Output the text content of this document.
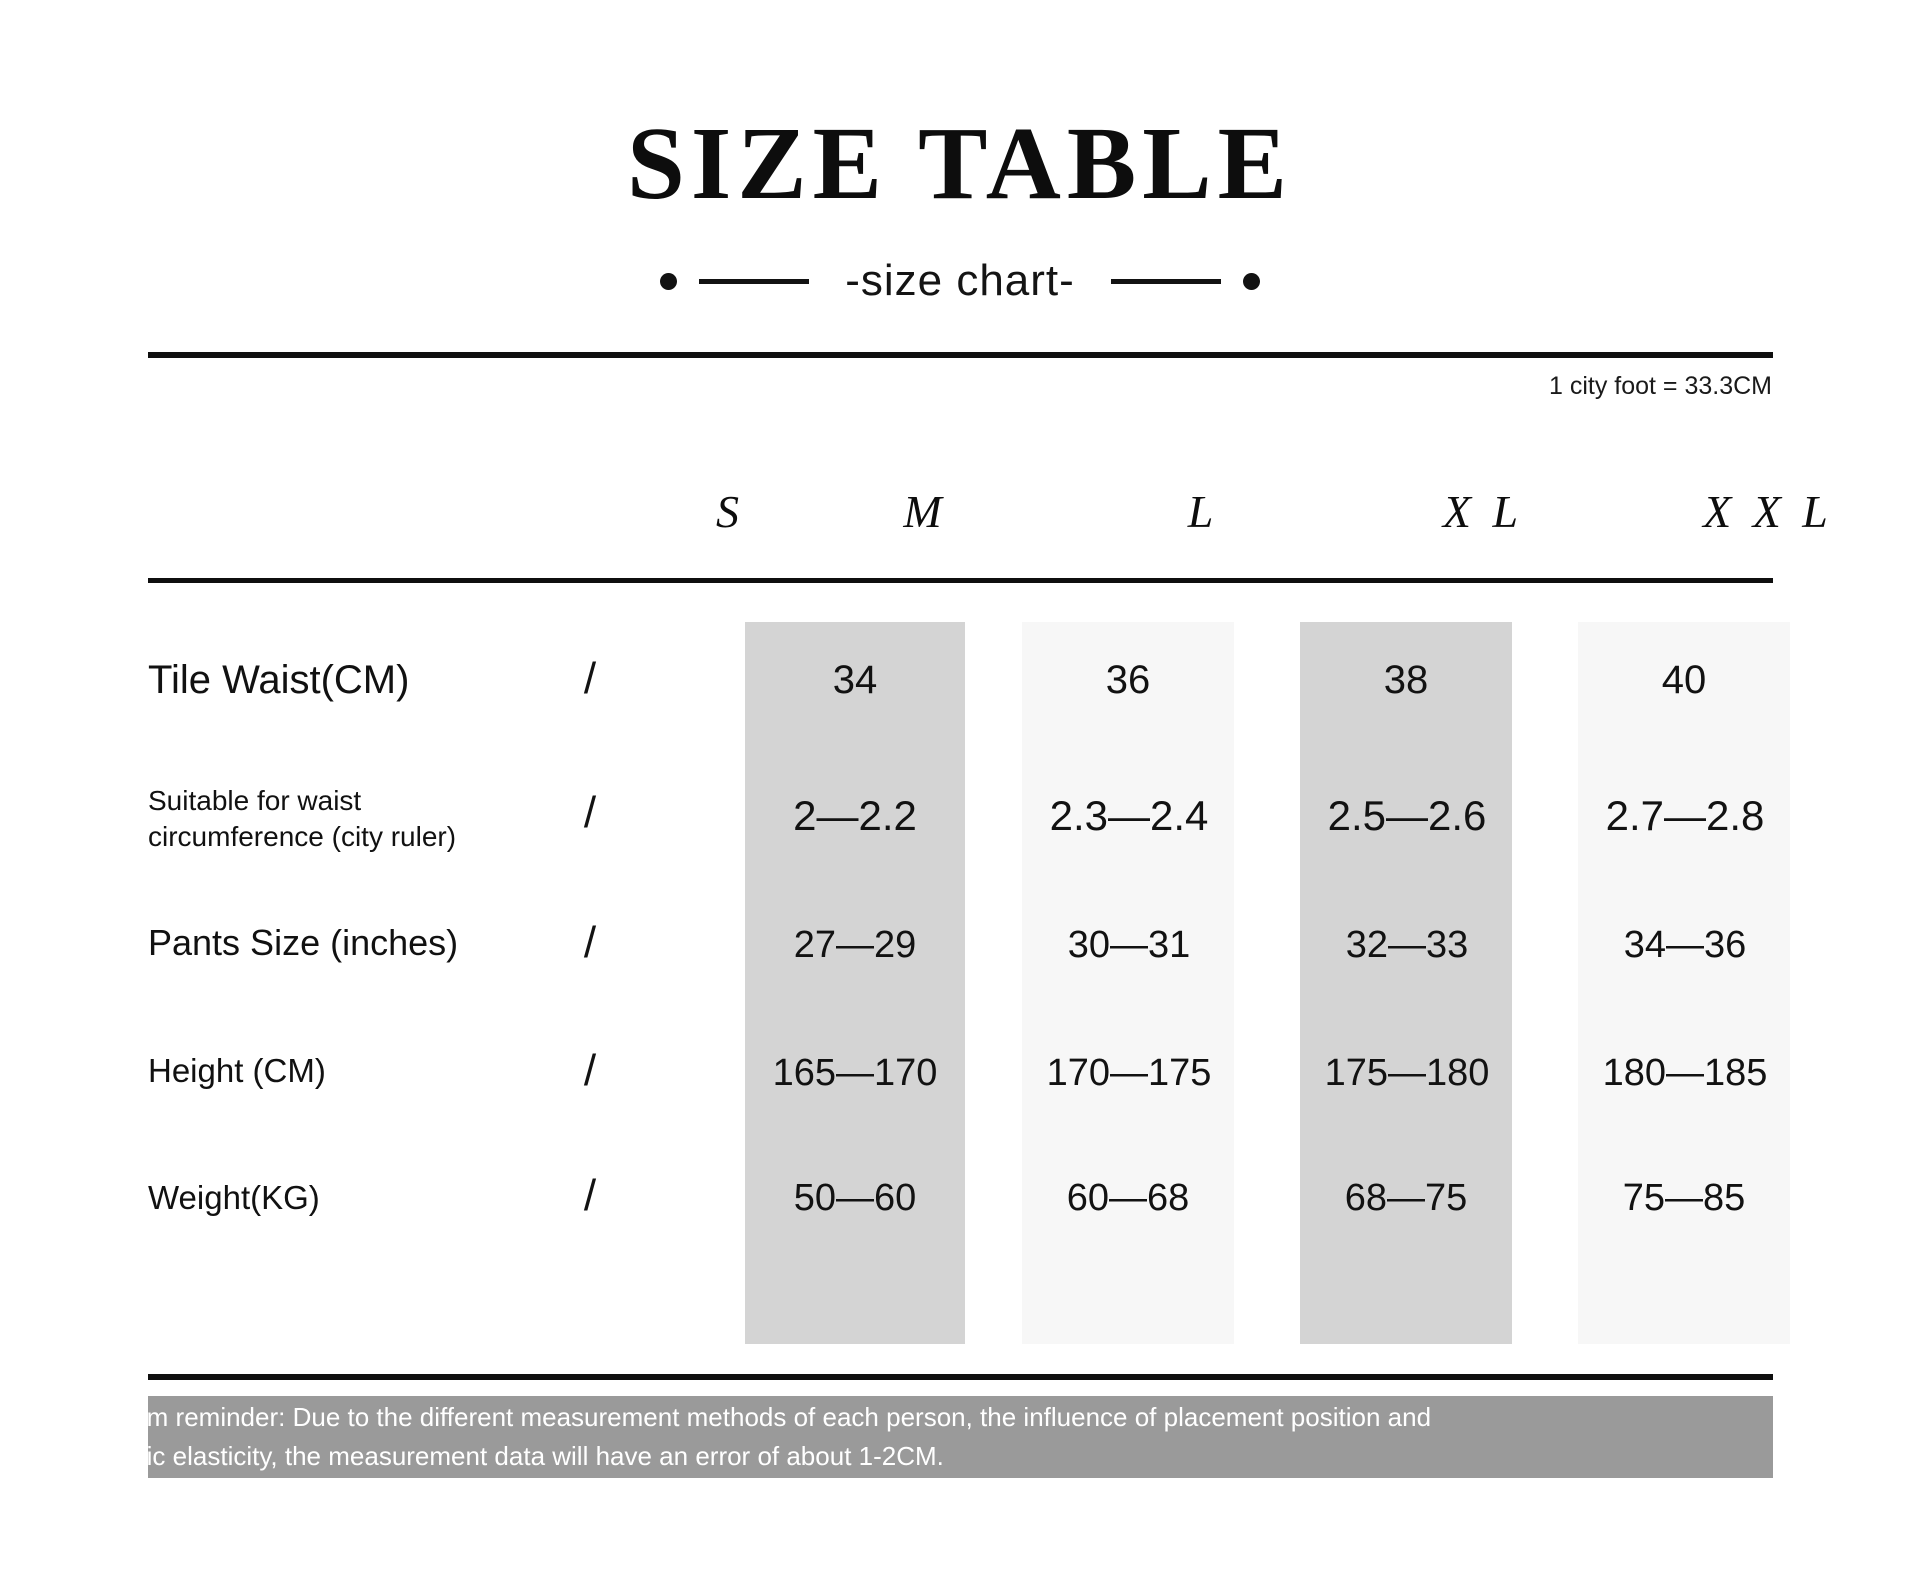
SIZE TABLE
-size chart-
1 city foot = 33.3CM
S	M	L	X L	X X L
Tile Waist(CM)	/	34	36	38	40
Suitable for waist
circumference (city ruler)	/	2—2.2	2.3—2.4	2.5—2.6	2.7—2.8
Pants Size (inches)	/	27—29	30—31	32—33	34—36
Height (CM)	/	165—170	170—175	175—180	180—185
Weight(KG)	/	50—60	60—68	68—75	75—85
rm reminder: Due to the different measurement methods of each person, the influence of placement position and
ric elasticity, the measurement data will have an error of about 1-2CM.
